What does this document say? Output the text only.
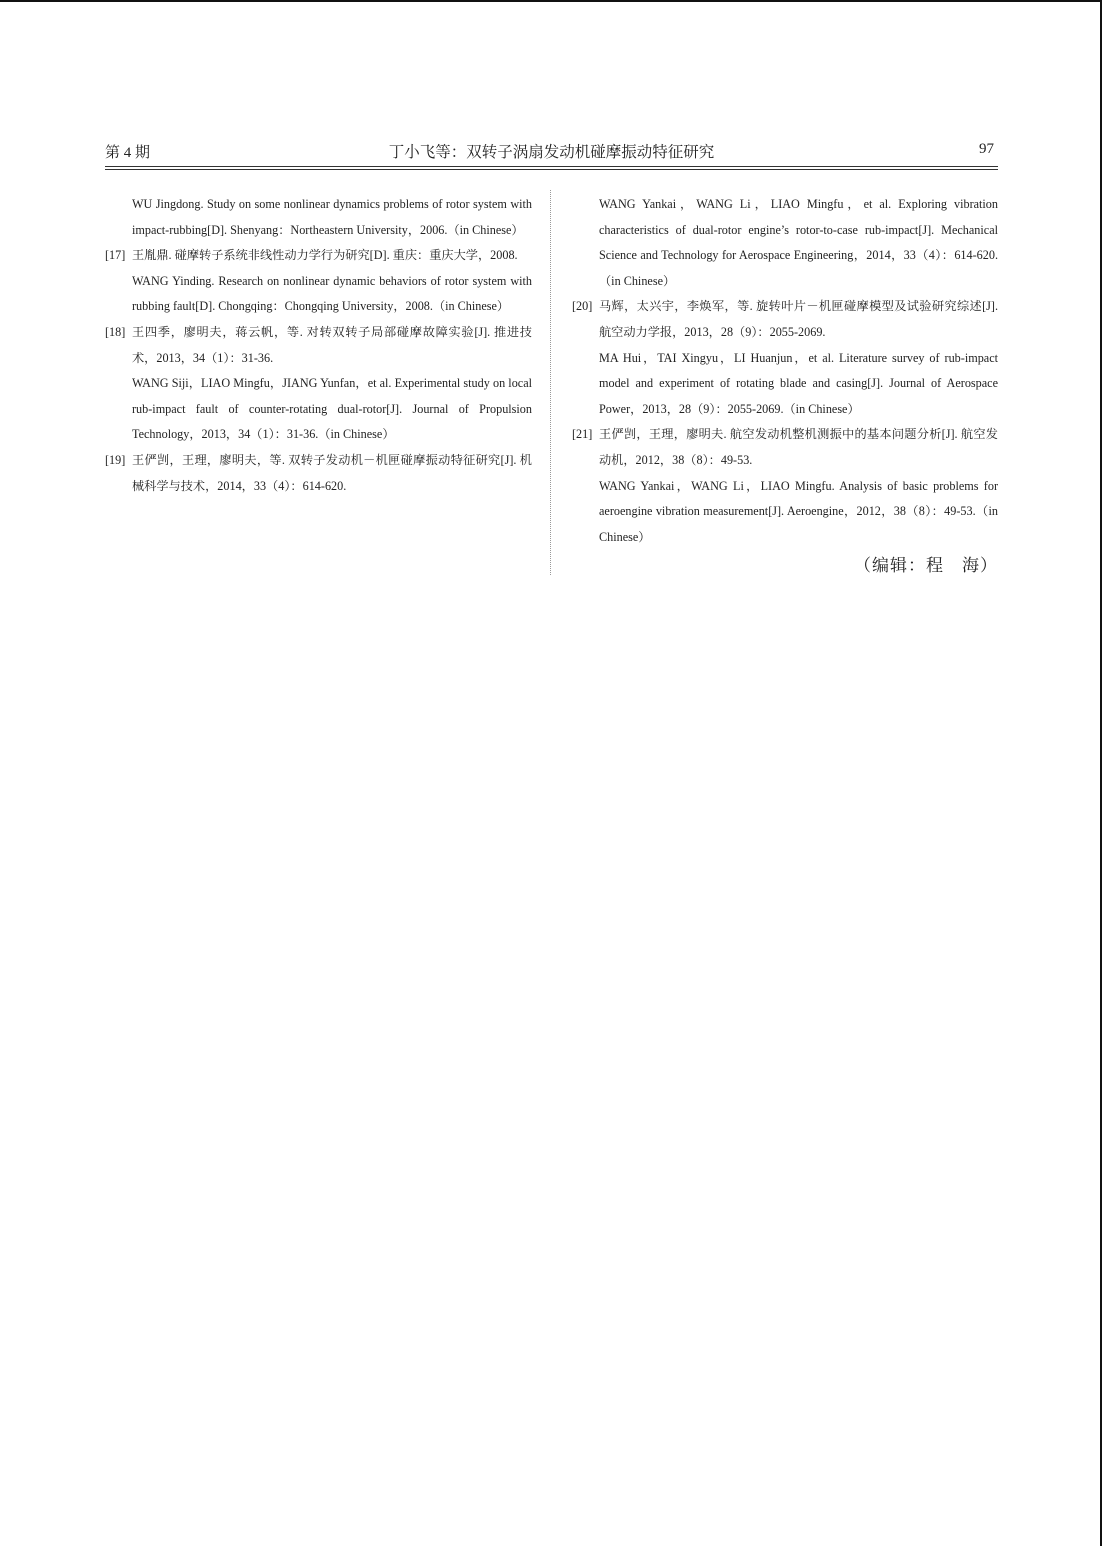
第 4 期	丁小飞等：双转子涡扇发动机碰摩振动特征研究	97

WU Jingdong. Study on some nonlinear dynamics problems of rotor system with impact-rubbing[D]. Shenyang：Northeastern University，2006.（in Chinese）

[17] 王胤鼎. 碰摩转子系统非线性动力学行为研究[D]. 重庆：重庆大学，2008.

WANG Yinding. Research on nonlinear dynamic behaviors of rotor system with rubbing fault[D]. Chongqing：Chongqing University，2008.（in Chinese）

[18] 王四季，廖明夫，蒋云帆，等. 对转双转子局部碰摩故障实验[J]. 推进技术，2013，34（1）：31-36.

WANG Siji，LIAO Mingfu，JIANG Yunfan，et al. Experimental study on local rub-impact fault of counter-rotating dual-rotor[J]. Journal of Propulsion Technology，2013，34（1）：31-36.（in Chinese）

[19] 王俨剀，王理，廖明夫，等. 双转子发动机－机匣碰摩振动特征研究[J]. 机械科学与技术，2014，33（4）：614-620.

WANG Yankai，WANG Li，LIAO Mingfu，et al. Exploring vibration characteristics of dual-rotor engine’s rotor-to-case rub-impact[J]. Mechanical Science and Technology for Aerospace Engineering，2014，33（4）：614-620.（in Chinese）

[20] 马辉，太兴宇，李焕军，等. 旋转叶片－机匣碰摩模型及试验研究综述[J]. 航空动力学报，2013，28（9）：2055-2069.

MA Hui，TAI Xingyu，LI Huanjun，et al. Literature survey of rub-impact model and experiment of rotating blade and casing[J]. Journal of Aerospace Power，2013，28（9）：2055-2069.（in Chinese）

[21] 王俨剀，王理，廖明夫. 航空发动机整机测振中的基本问题分析[J]. 航空发动机，2012，38（8）：49-53.

WANG Yankai，WANG Li，LIAO Mingfu. Analysis of basic problems for aeroengine vibration measurement[J]. Aeroengine，2012，38（8）：49-53.（in Chinese）

（编辑：程　海）
